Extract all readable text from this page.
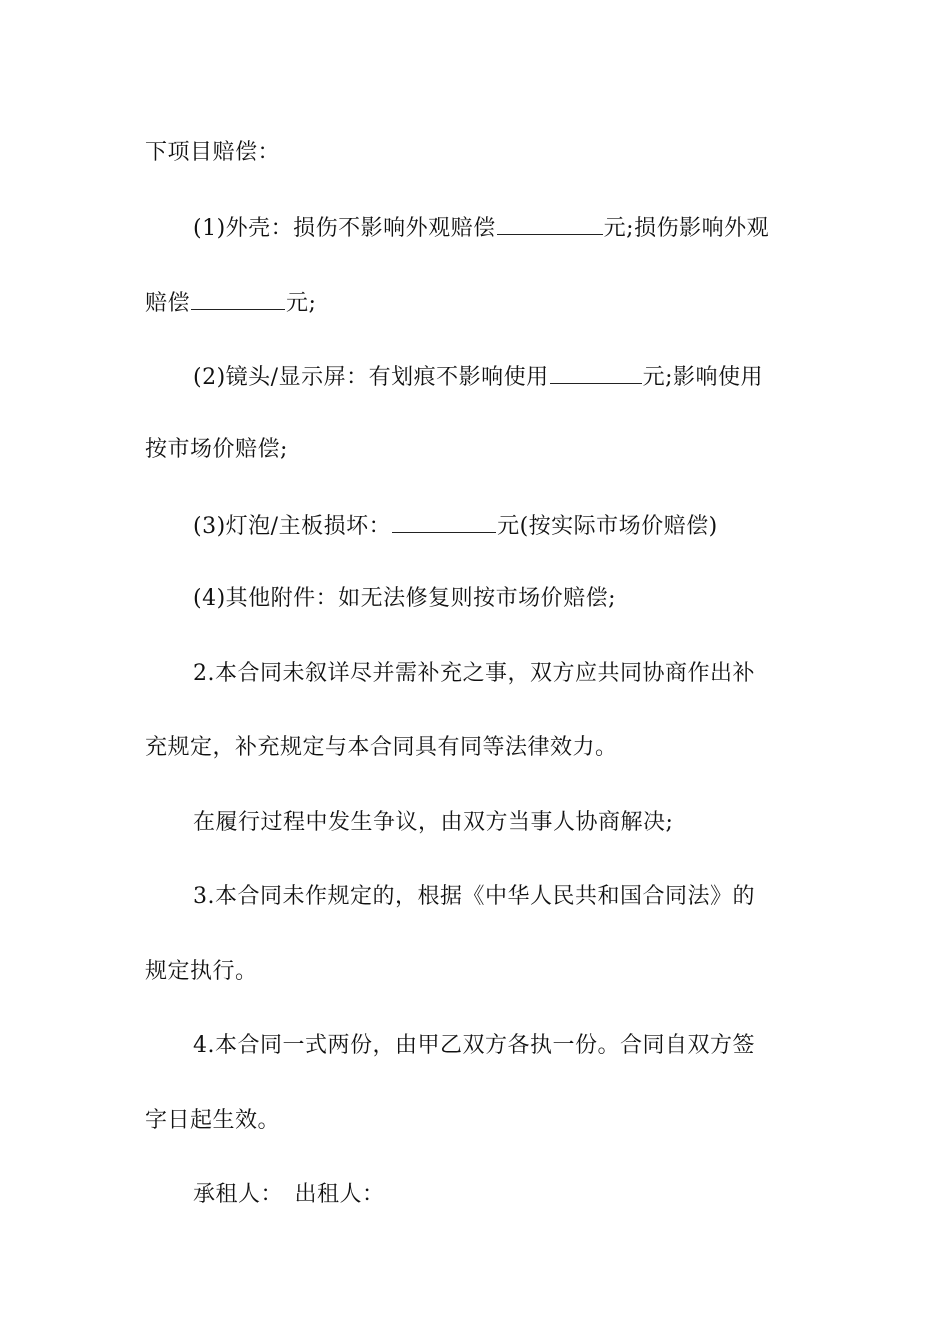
下项目赔偿：
(1)外壳：损伤不影响外观赔偿	元;损伤影响外观
赔偿	元;
(2)镜头/显示屏：有划痕不影响使用	元;影响使用
按市场价赔偿;
(3)灯泡/主板损坏：	元(按实际市场价赔偿)
(4)其他附件：如无法修复则按市场价赔偿;
2.本合同未叙详尽并需补充之事，双方应共同协商作出补
充规定，补充规定与本合同具有同等法律效力。
在履行过程中发生争议，由双方当事人协商解决;
3.本合同未作规定的，根据《中华人民共和国合同法》的
规定执行。
4.本合同一式两份，由甲乙双方各执一份。合同自双方签
字日起生效。
承租人：　出租人：
